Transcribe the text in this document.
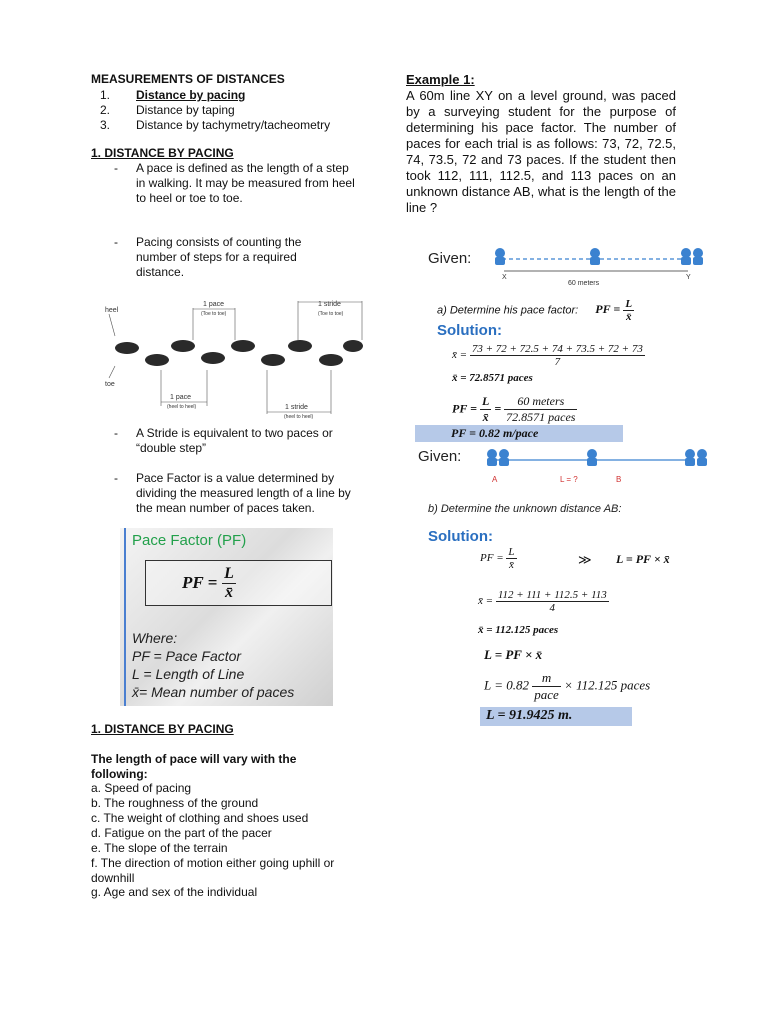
MEASUREMENTS OF DISTANCES
1. Distance by pacing
2. Distance by taping
3. Distance by tachymetry/tacheometry
1. DISTANCE BY PACING
- A pace is defined as the length of a step in walking. It may be measured from heel to heel or toe to toe.
- Pacing consists of counting the number of steps for a required distance.
heel
toe
1 pace
(Toe to toe)
1 stride
(Toe to toe)
1 pace
(heel to heel)	1 stride
(heel to heel)
- A Stride is equivalent to two paces or “double step”
- Pace Factor is a value determined by dividing the measured length of a line by the mean number of paces taken.
Pace Factor (PF)
PF = $\frac{L}{x̄}$
Where:
PF = Pace Factor
L = Length of Line
x̄= Mean number of paces
1. DISTANCE BY PACING
The length of pace will vary with the following:
a. Speed of pacing
b. The roughness of the ground
c. The weight of clothing and shoes used
d. Fatigue on the part of the pacer
e. The slope of the terrain
f. The direction of motion either going uphill or downhill
g. Age and sex of the individual
Example 1:
A 60m line XY on a level ground, was paced by a surveying student for the purpose of determining his pace factor. The number of paces for each trial is as follows: 73, 72, 72.5, 74, 73.5, 72 and 73 paces. If the student then took 112, 111, 112.5, and 113 paces on an unknown distance AB, what is the length of the line ?
Given:
X	Y
60 meters
a) Determine his pace factor: PF = $\frac{L}{x̄}$
Solution:
x̄ = $\frac{73 + 72 + 72.5 + 74 + 73.5 + 72 + 73}{7}$
x̄ = 72.8571 paces
PF = $\frac{L}{x̄} = \frac{\text{60 meters}}{\text{72.8571 paces}}$
PF = 0.82 m/pace
Given:
A	L = ?	B
b) Determine the unknown distance AB:
Solution:
PF = $\frac{L}{x̄}$	≫ L = PF × x̄
x̄ = $\frac{112 + 111 + 112.5 + 113}{4}$
x̄ = 112.125 paces
L = PF × x̄
$L = 0.82 \frac{m}{\text{pace}} \times 112.125$ paces
L = 91.9425 m.
